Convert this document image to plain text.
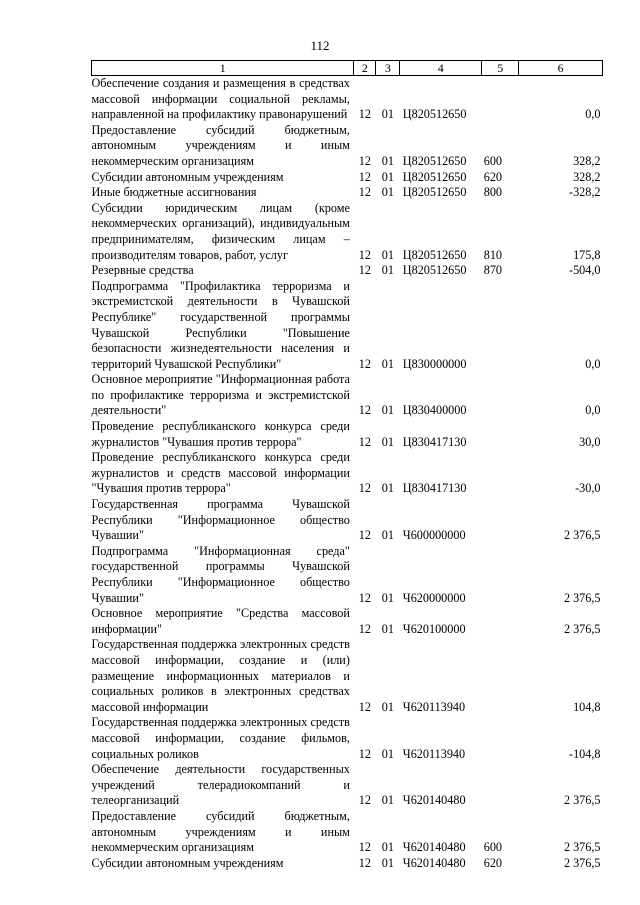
112
1	2	3	4	5	6
Обеспечение создания и размещения в средствах массовой информации социальной рекламы, направленной на профилактику правонарушений	12	01	Ц820512650		0,0
Предоставление субсидий бюджетным, автономным учреждениям и иным некоммерческим организациям	12	01	Ц820512650	600	328,2
Субсидии автономным учреждениям	12	01	Ц820512650	620	328,2
Иные бюджетные ассигнования	12	01	Ц820512650	800	-328,2
Субсидии юридическим лицам (кроме некоммерческих организаций), индивидуальным предпринимателям, физическим лицам – производителям товаров, работ, услуг	12	01	Ц820512650	810	175,8
Резервные средства	12	01	Ц820512650	870	-504,0
Подпрограмма "Профилактика терроризма и экстремистской деятельности в Чувашской Республике" государственной программы Чувашской Республики "Повышение безопасности жизнедеятельности населения и территорий Чувашской Республики"	12	01	Ц830000000		0,0
Основное мероприятие "Информационная работа по профилактике терроризма и экстремистской деятельности"	12	01	Ц830400000		0,0
Проведение республиканского конкурса среди журналистов "Чувашия против террора"	12	01	Ц830417130		30,0
Проведение республиканского конкурса среди журналистов и средств массовой информации "Чувашия против террора"	12	01	Ц830417130		-30,0
Государственная программа Чувашской Республики "Информационное общество Чувашии"	12	01	Ч600000000		2 376,5
Подпрограмма "Информационная среда" государственной программы Чувашской Республики "Информационное общество Чувашии"	12	01	Ч620000000		2 376,5
Основное мероприятие "Средства массовой информации"	12	01	Ч620100000		2 376,5
Государственная поддержка электронных средств массовой информации, создание и (или) размещение информационных материалов и социальных роликов в электронных средствах массовой информации	12	01	Ч620113940		104,8
Государственная поддержка электронных средств массовой информации, создание фильмов, социальных роликов	12	01	Ч620113940		-104,8
Обеспечение деятельности государственных учреждений телерадиокомпаний и телеорганизаций	12	01	Ч620140480		2 376,5
Предоставление субсидий бюджетным, автономным учреждениям и иным некоммерческим организациям	12	01	Ч620140480	600	2 376,5
Субсидии автономным учреждениям	12	01	Ч620140480	620	2 376,5
